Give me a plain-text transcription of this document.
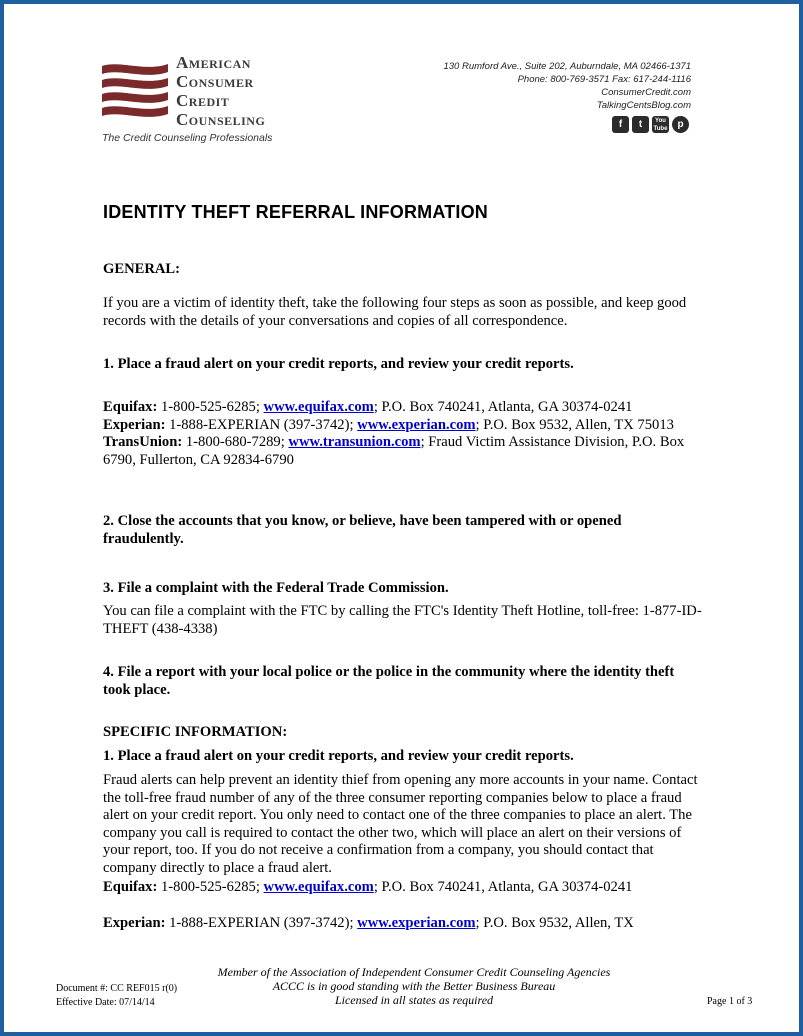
American
Consumer
Credit
Counseling
The Credit Counseling Professionals
130 Rumford Ave., Suite 202, Auburndale, MA 02466-1371
Phone: 800-769-3571 Fax: 617-244-1116
ConsumerCredit.com
TalkingCentsBlog.com
f	t	You Tube	p
IDENTITY THEFT REFERRAL INFORMATION
GENERAL:
If you are a victim of identity theft, take the following four steps as soon as possible, and keep good records with the details of your conversations and copies of all correspondence.
1. Place a fraud alert on your credit reports, and review your credit reports.
Equifax: 1-800-525-6285; www.equifax.com; P.O. Box 740241, Atlanta, GA 30374-0241
Experian: 1-888-EXPERIAN (397-3742); www.experian.com; P.O. Box 9532, Allen, TX 75013
TransUnion: 1-800-680-7289; www.transunion.com; Fraud Victim Assistance Division, P.O. Box 6790, Fullerton, CA 92834-6790
2. Close the accounts that you know, or believe, have been tampered with or opened fraudulently.
3. File a complaint with the Federal Trade Commission.
You can file a complaint with the FTC by calling the FTC's Identity Theft Hotline, toll-free: 1-877-ID-THEFT (438-4338)
4. File a report with your local police or the police in the community where the identity theft took place.
SPECIFIC INFORMATION:
1. Place a fraud alert on your credit reports, and review your credit reports.
Fraud alerts can help prevent an identity thief from opening any more accounts in your name. Contact the toll-free fraud number of any of the three consumer reporting companies below to place a fraud alert on your credit report. You only need to contact one of the three companies to place an alert. The company you call is required to contact the other two, which will place an alert on their versions of your report, too. If you do not receive a confirmation from a company, you should contact that company directly to place a fraud alert.
Equifax: 1-800-525-6285; www.equifax.com; P.O. Box 740241, Atlanta, GA 30374-0241
Experian: 1-888-EXPERIAN (397-3742); www.experian.com; P.O. Box 9532, Allen, TX
Member of the Association of Independent Consumer Credit Counseling Agencies
ACCC is in good standing with the Better Business Bureau
Licensed in all states as required
Document #: CC REF015 r(0)
Effective Date: 07/14/14	Page 1 of 3
